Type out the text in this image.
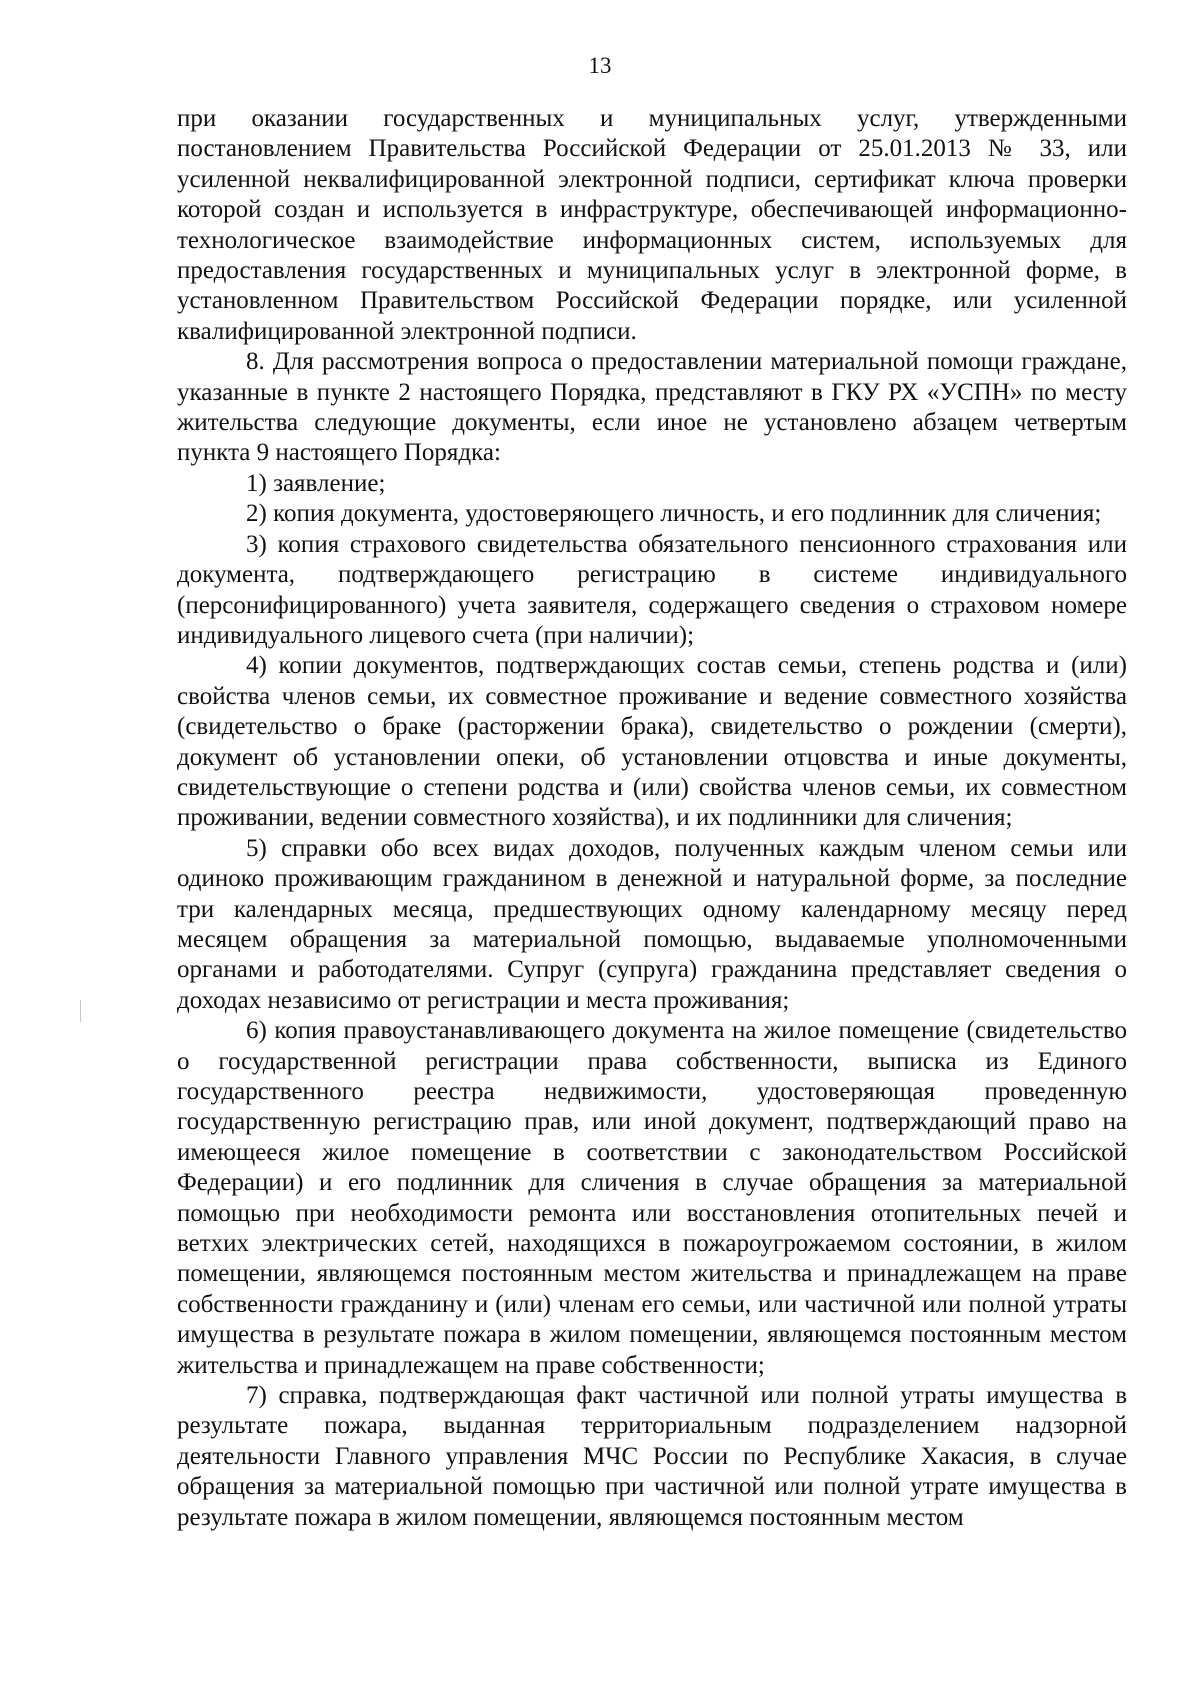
13

при оказании государственных и муниципальных услуг, утвержденными постановлением Правительства Российской Федерации от 25.01.2013 № 33, или усиленной неквалифицированной электронной подписи, сертификат ключа проверки которой создан и используется в инфраструктуре, обеспечивающей информационно-технологическое взаимодействие информационных систем, используемых для предоставления государственных и муниципальных услуг в электронной форме, в установленном Правительством Российской Федерации порядке, или усиленной квалифицированной электронной подписи.

8. Для рассмотрения вопроса о предоставлении материальной помощи граждане, указанные в пункте 2 настоящего Порядка, представляют в ГКУ РХ «УСПН» по месту жительства следующие документы, если иное не установлено абзацем четвертым пункта 9 настоящего Порядка:

1) заявление;

2) копия документа, удостоверяющего личность, и его подлинник для сличения;

3) копия страхового свидетельства обязательного пенсионного страхования или документа, подтверждающего регистрацию в системе индивидуального (персонифицированного) учета заявителя, содержащего сведения о страховом номере индивидуального лицевого счета (при наличии);

4) копии документов, подтверждающих состав семьи, степень родства и (или) свойства членов семьи, их совместное проживание и ведение совместного хозяйства (свидетельство о браке (расторжении брака), свидетельство о рождении (смерти), документ об установлении опеки, об установлении отцовства и иные документы, свидетельствующие о степени родства и (или) свойства членов семьи, их совместном проживании, ведении совместного хозяйства), и их подлинники для сличения;

5) справки обо всех видах доходов, полученных каждым членом семьи или одиноко проживающим гражданином в денежной и натуральной форме, за последние три календарных месяца, предшествующих одному календарному месяцу перед месяцем обращения за материальной помощью, выдаваемые уполномоченными органами и работодателями. Супруг (супруга) гражданина представляет сведения о доходах независимо от регистрации и места проживания;

6) копия правоустанавливающего документа на жилое помещение (свидетельство о государственной регистрации права собственности, выписка из Единого государственного реестра недвижимости, удостоверяющая проведенную государственную регистрацию прав, или иной документ, подтверждающий право на имеющееся жилое помещение в соответствии с законодательством Российской Федерации) и его подлинник для сличения в случае обращения за материальной помощью при необходимости ремонта или восстановления отопительных печей и ветхих электрических сетей, находящихся в пожароугрожаемом состоянии, в жилом помещении, являющемся постоянным местом жительства и принадлежащем на праве собственности гражданину и (или) членам его семьи, или частичной или полной утраты имущества в результате пожара в жилом помещении, являющемся постоянным местом жительства и принадлежащем на праве собственности;

7) справка, подтверждающая факт частичной или полной утраты имущества в результате пожара, выданная территориальным подразделением надзорной деятельности Главного управления МЧС России по Республике Хакасия, в случае обращения за материальной помощью при частичной или полной утрате имущества в результате пожара в жилом помещении, являющемся постоянным местом
